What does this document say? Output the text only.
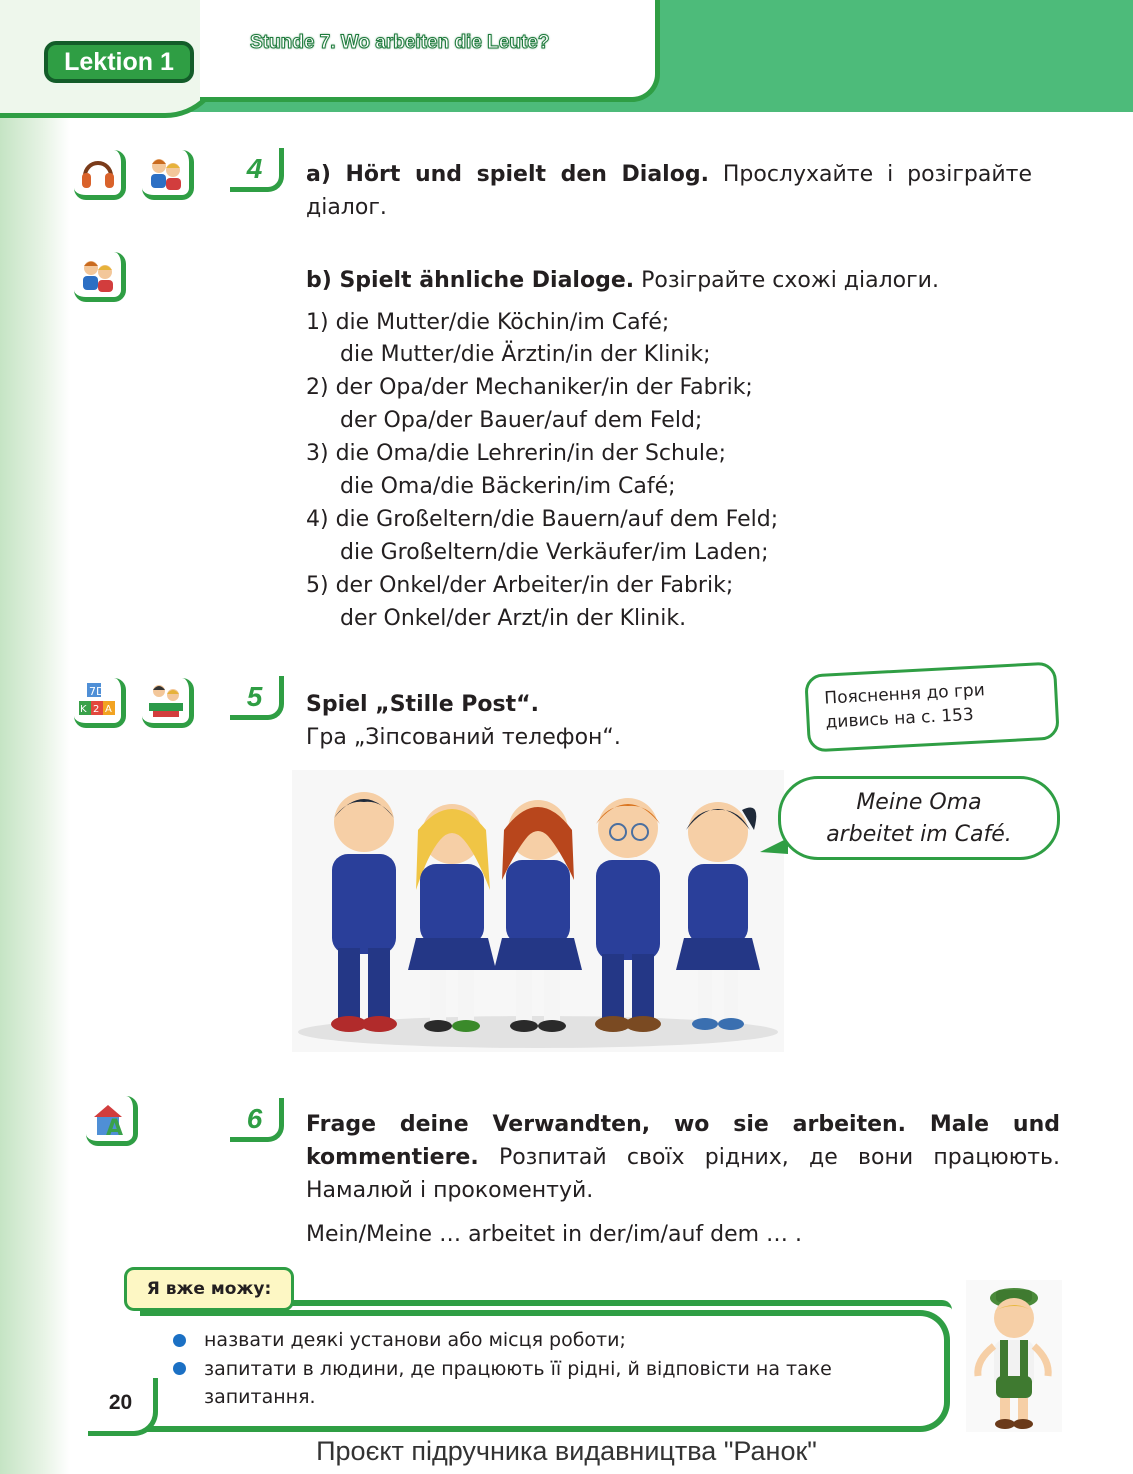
Lektion 1
Stunde 7. Wo arbeiten die Leute?
4	a) Hört und spielt den Dialog. Прослухайте і розіграйте діалог.
b) Spielt ähnliche Dialoge. Розіграйте схожі діалоги.
1) die Mutter/die Köchin/im Café;
die Mutter/die Ärztin/in der Klinik;
2) der Opa/der Mechaniker/in der Fabrik;
der Opa/der Bauer/auf dem Feld;
3) die Oma/die Lehrerin/in der Schule;
die Oma/die Bäckerin/im Café;
4) die Großeltern/die Bauern/auf dem Feld;
die Großeltern/die Verkäufer/im Laden;
5) der Onkel/der Arbeiter/in der Fabrik;
der Onkel/der Arzt/in der Klinik.
7D
K 2 A	5	Spiel „Stille Post“.
Гра „Зіпсований телефон“.
Пояснення до гри
дивись на с. 153
Meine Oma
arbeitet im Café.
A	6	Frage deine Verwandten, wo sie arbeiten. Male und kommentiere. Розпитай своїх рідних, де вони працюють. Намалюй і прокоментуй.
Mein/Meine … arbeitet in der/im/auf dem … .
Я вже можу:
назвати деякі установи або місця роботи;
запитати в людини, де працюють її рідні, й відповісти на таке
запитання.
20
Проєкт підручника видавництва "Ранок"
